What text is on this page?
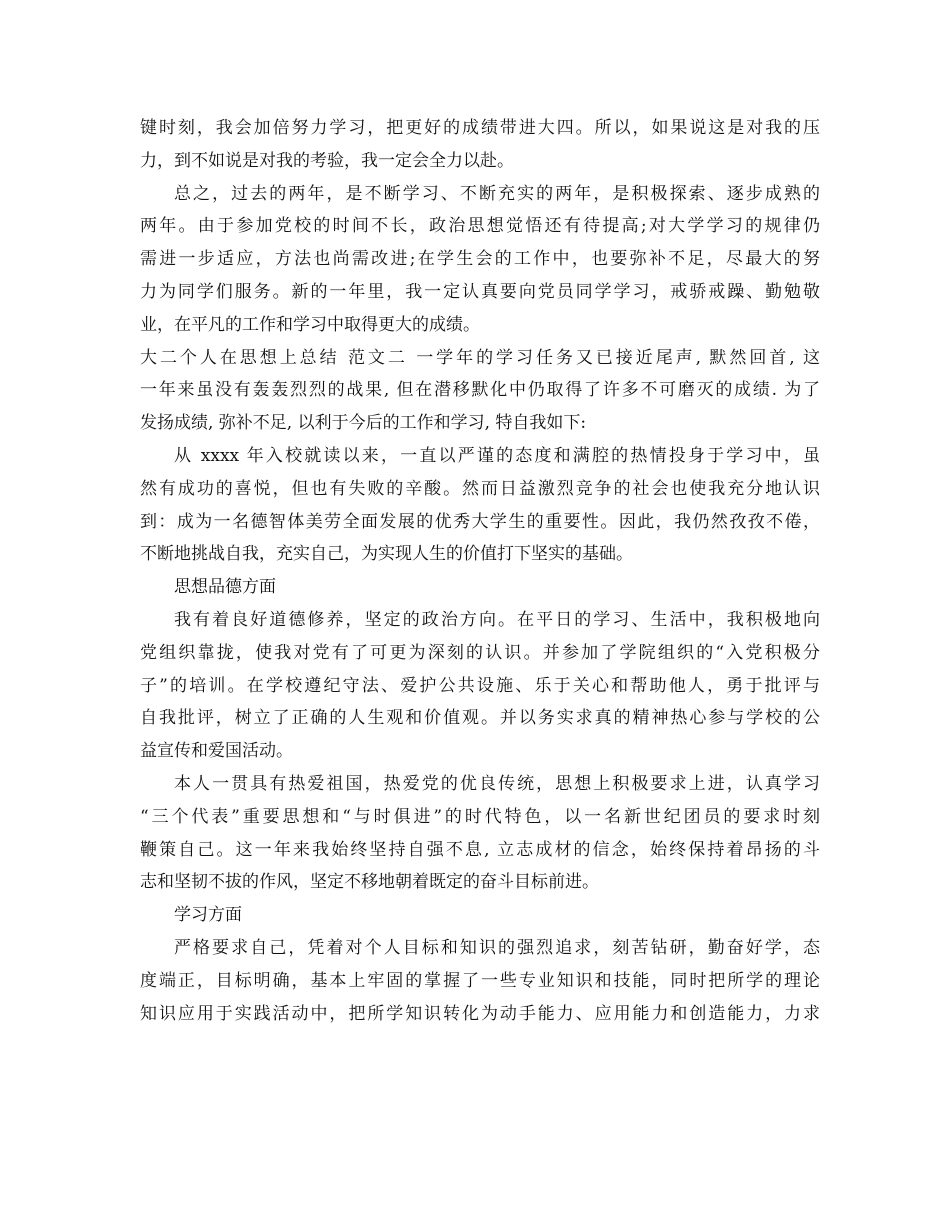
键时刻，我会加倍努力学习，把更好的成绩带进大四。所以，如果说这是对我的压
力，到不如说是对我的考验，我一定会全力以赴。
总之，过去的两年，是不断学习、不断充实的两年，是积极探索、逐步成熟的
两年。由于参加党校的时间不长，政治思想觉悟还有待提高;对大学学习的规律仍
需进一步适应，方法也尚需改进;在学生会的工作中，也要弥补不足，尽最大的努
力为同学们服务。新的一年里，我一定认真要向党员同学学习，戒骄戒躁、勤勉敬
业，在平凡的工作和学习中取得更大的成绩。
大二个人在思想上总结 范文二 一学年的学习任务又已接近尾声, 默然回首, 这
一年来虽没有轰轰烈烈的战果, 但在潜移默化中仍取得了许多不可磨灭的成绩. 为了
发扬成绩, 弥补不足, 以利于今后的工作和学习, 特自我如下:
从 xxxx 年入校就读以来，一直以严谨的态度和满腔的热情投身于学习中，虽
然有成功的喜悦，但也有失败的辛酸。然而日益激烈竞争的社会也使我充分地认识
到：成为一名德智体美劳全面发展的优秀大学生的重要性。因此，我仍然孜孜不倦，
不断地挑战自我，充实自己，为实现人生的价值打下坚实的基础。
思想品德方面
我有着良好道德修养，坚定的政治方向。在平日的学习、生活中，我积极地向
党组织靠拢，使我对党有了可更为深刻的认识。并参加了学院组织的“入党积极分
子”的培训。在学校遵纪守法、爱护公共设施、乐于关心和帮助他人，勇于批评与
自我批评，树立了正确的人生观和价值观。并以务实求真的精神热心参与学校的公
益宣传和爱国活动。
本人一贯具有热爱祖国，热爱党的优良传统，思想上积极要求上进，认真学习
“三个代表”重要思想和“与时俱进”的时代特色，以一名新世纪团员的要求时刻
鞭策自己。这一年来我始终坚持自强不息, 立志成材的信念，始终保持着昂扬的斗
志和坚韧不拔的作风，坚定不移地朝着既定的奋斗目标前进。
学习方面
严格要求自己，凭着对个人目标和知识的强烈追求，刻苦钻研，勤奋好学，态
度端正，目标明确，基本上牢固的掌握了一些专业知识和技能，同时把所学的理论
知识应用于实践活动中，把所学知识转化为动手能力、应用能力和创造能力，力求
